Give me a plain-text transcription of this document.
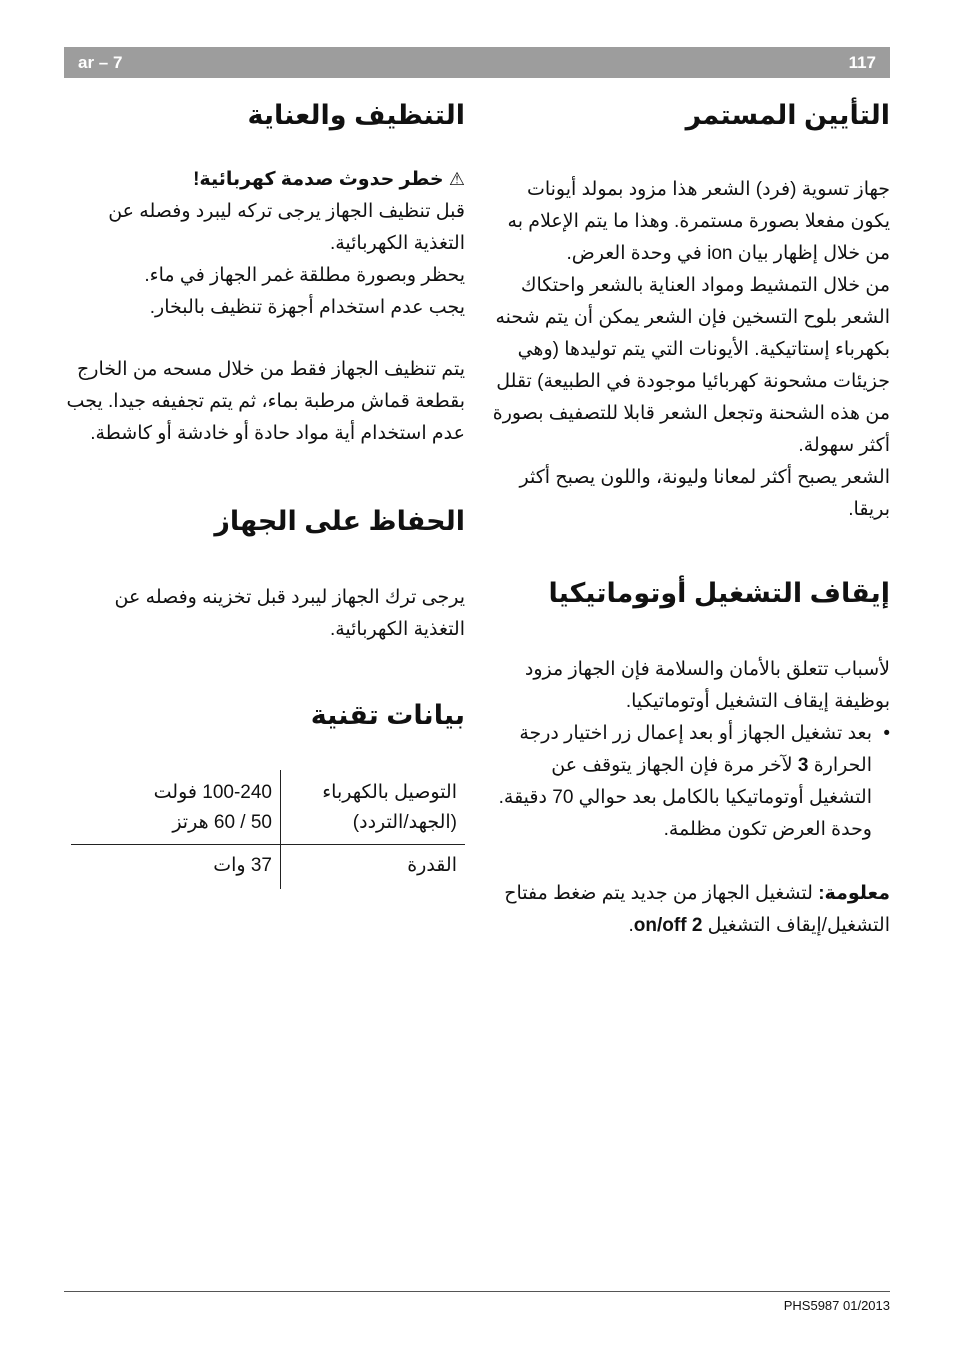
ar – 7	117
التأيين المستمر

جهاز تسوية (فرد) الشعر هذا مزود بمولد أيونات يكون مفعلا بصورة مستمرة. وهذا ما يتم الإعلام به من خلال إظهار بيان ion في وحدة العرض.

من خلال التمشيط ومواد العناية بالشعر واحتكاك الشعر بلوح التسخين فإن الشعر يمكن أن يتم شحنه بكهرباء إستاتيكية. الأيونات التي يتم توليدها (وهي جزيئات مشحونة كهربائيا موجودة في الطبيعة) تقلل من هذه الشحنة وتجعل الشعر قابلا للتصفيف بصورة أكثر سهولة.

الشعر يصبح أكثر لمعانا وليونة، واللون يصبح أكثر بريقا.

إيقاف التشغيل أوتوماتيكيا

لأسباب تتعلق بالأمان والسلامة فإن الجهاز مزود بوظيفة إيقاف التشغيل أوتوماتيكيا.

•
بعد تشغيل الجهاز أو بعد إعمال زر اختيار درجة الحرارة 3 لآخر مرة فإن الجهاز يتوقف عن التشغيل أوتوماتيكيا بالكامل بعد حوالي 70 دقيقة. وحدة العرض تكون مظلمة.

معلومة: لتشغيل الجهاز من جديد يتم ضغط مفتاح التشغيل/إيقاف التشغيل on/off 2.

التنظيف والعناية
⚠ خطر حدوث صدمة كهربائية!

قبل تنظيف الجهاز يرجى تركه ليبرد وفصله عن التغذية الكهربائية.

يحظر وبصورة مطلقة غمر الجهاز في ماء.

يجب عدم استخدام أجهزة تنظيف بالبخار.

يتم تنظيف الجهاز فقط من خلال مسحه من الخارج بقطعة قماش مرطبة بماء، ثم يتم تجفيفه جيدا. يجب عدم استخدام أية مواد حادة أو خادشة أو كاشطة.

الحفاظ على الجهاز

يرجى ترك الجهاز ليبرد قبل تخزينه وفصله عن التغذية الكهربائية.

بيانات تقنية
التوصيل بالكهرباء (الجهد/التردد)	100-240 فولت
50 / 60 هرتز

القدرة	37 وات
PHS5987 01/2013
